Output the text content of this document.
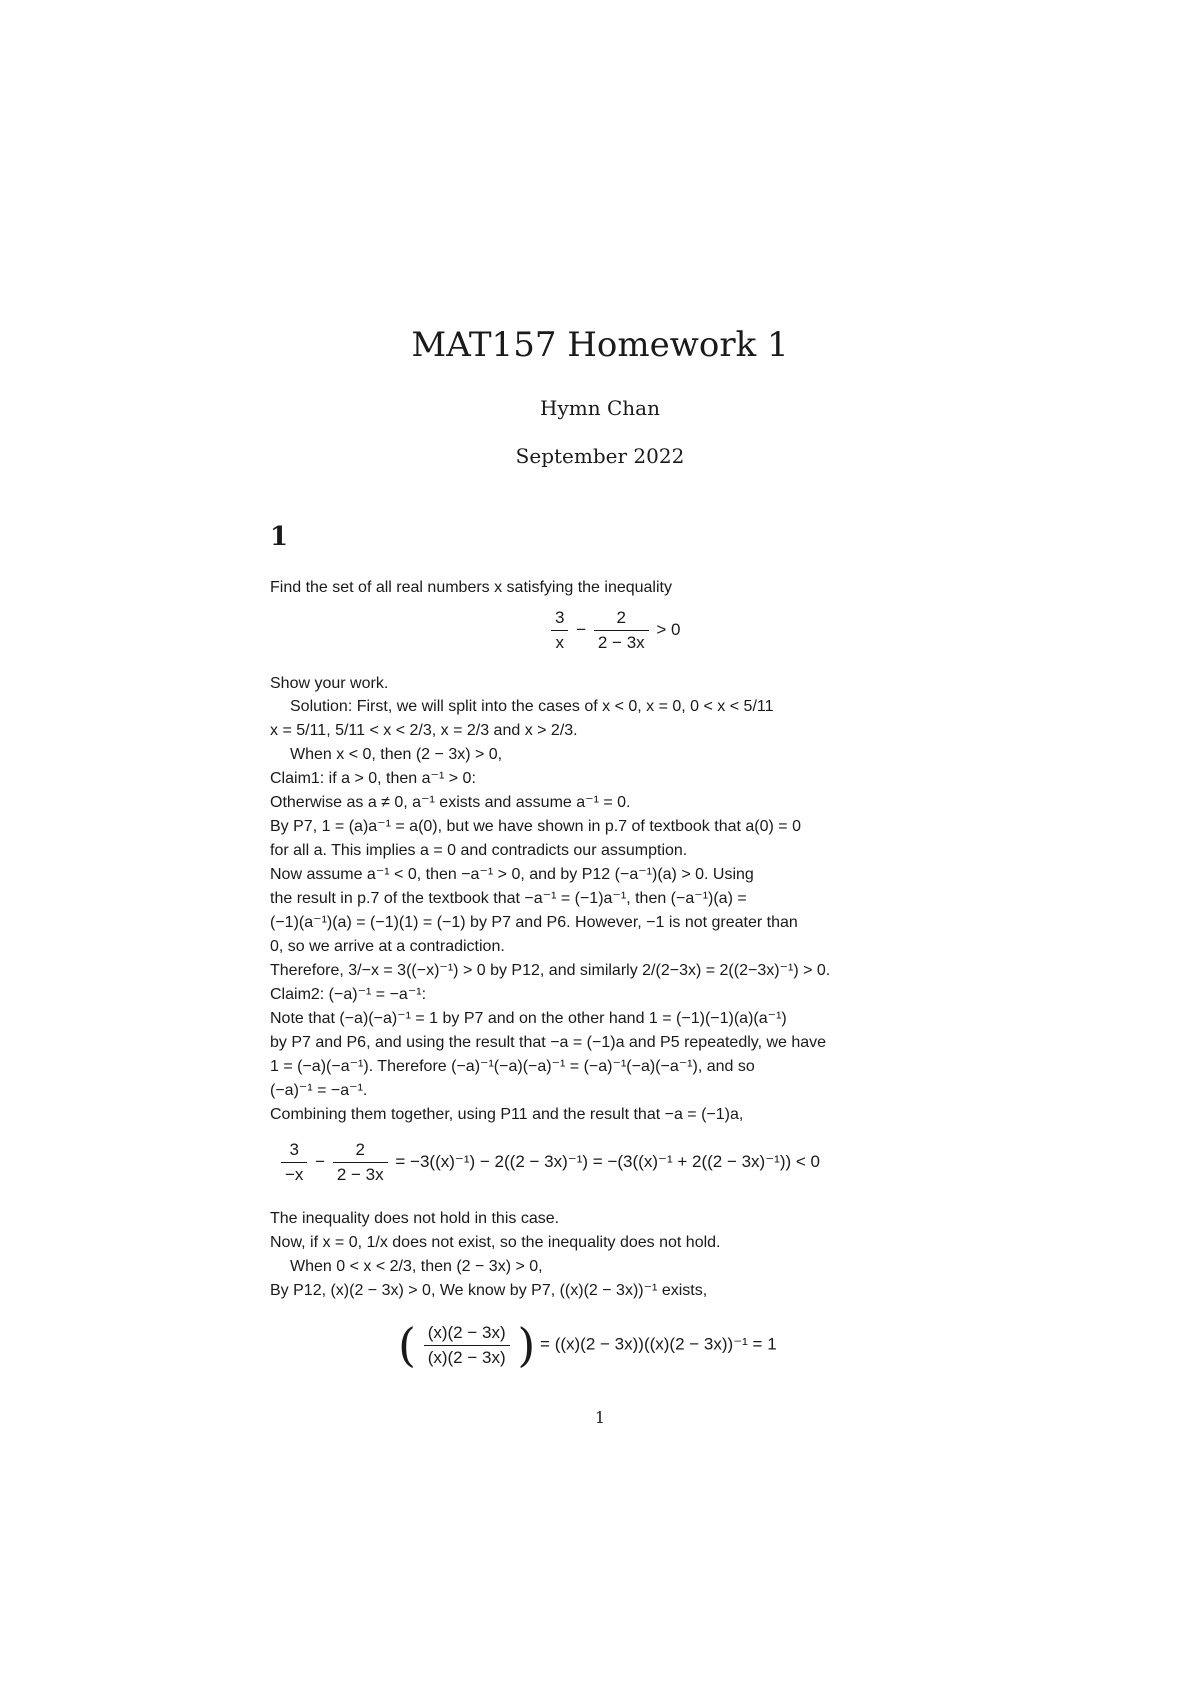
MAT157 Homework 1
Hymn Chan
September 2022
1
Find the set of all real numbers x satisfying the inequality
$\frac{3}{x} - \frac{2}{2 - 3x} > 0$
Show your work.
Solution: First, we will split into the cases of x < 0, x = 0, 0 < x < 5/11
x = 5/11, 5/11 < x < 2/3, x = 2/3 and x > 2/3.
When x < 0, then (2 − 3x) > 0,
Claim1: if a > 0, then a⁻¹ > 0:
Otherwise as a ≠ 0, a⁻¹ exists and assume a⁻¹ = 0.
By P7, 1 = (a)a⁻¹ = a(0), but we have shown in p.7 of textbook that a(0) = 0
for all a. This implies a = 0 and contradicts our assumption.
Now assume a⁻¹ < 0, then −a⁻¹ > 0, and by P12 (−a⁻¹)(a) > 0. Using
the result in p.7 of the textbook that −a⁻¹ = (−1)a⁻¹, then (−a⁻¹)(a) =
(−1)(a⁻¹)(a) = (−1)(1) = (−1) by P7 and P6. However, −1 is not greater than
0, so we arrive at a contradiction.
Therefore, 3/−x = 3((−x)⁻¹) > 0 by P12, and similarly 2/(2−3x) = 2((2−3x)⁻¹) > 0.
Claim2: (−a)⁻¹ = −a⁻¹:
Note that (−a)(−a)⁻¹ = 1 by P7 and on the other hand 1 = (−1)(−1)(a)(a⁻¹)
by P7 and P6, and using the result that −a = (−1)a and P5 repeatedly, we have
1 = (−a)(−a⁻¹). Therefore (−a)⁻¹(−a)(−a)⁻¹ = (−a)⁻¹(−a)(−a⁻¹), and so
(−a)⁻¹ = −a⁻¹.
Combining them together, using P11 and the result that −a = (−1)a,
$\frac{3}{-x} - \frac{2}{2 - 3x} = -3((x)^{-1}) - 2((2 - 3x)^{-1}) = -(3((x)^{-1} + 2((2 - 3x)^{-1})) < 0$
The inequality does not hold in this case.
Now, if x = 0, 1/x does not exist, so the inequality does not hold.
When 0 < x < 2/3, then (2 − 3x) > 0,
By P12, (x)(2 − 3x) > 0, We know by P7, ((x)(2 − 3x))⁻¹ exists,
( $\frac{(x)(2 - 3x)}{(x)(2 - 3x)}$ ) = ((x)(2 − 3x))((x)(2 − 3x))⁻¹ = 1
1
